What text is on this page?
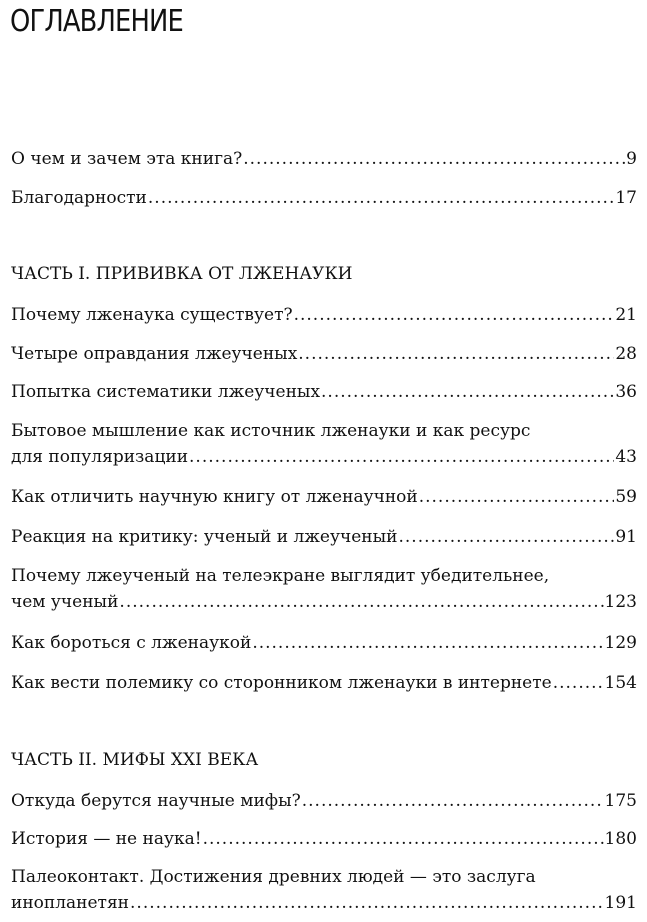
ОГЛАВЛЕНИЕ
О чем и зачем эта книга? .....	9
Благодарности .....	17
ЧАСТЬ I. ПРИВИВКА ОТ ЛЖЕНАУКИ
Почему лженаука существует? .....	21
Четыре оправдания лжеученых .....	28
Попытка систематики лжеученых .....	36
Бытовое мышление как источник лженауки и как ресурс
для популяризации .....	43
Как отличить научную книгу от лженаучной .....	59
Реакция на критику: ученый и лжеученый .....	91
Почему лжеученый на телеэкране выглядит убедительнее,
чем ученый .....	123
Как бороться с лженаукой .....	129
Как вести полемику со сторонником лженауки в интернете .....	154
ЧАСТЬ II. МИФЫ XXI ВЕКА
Откуда берутся научные мифы? .....	175
История — не наука! .....	180
Палеоконтакт. Достижения древних людей — это заслуга
инопланетян .....	191
